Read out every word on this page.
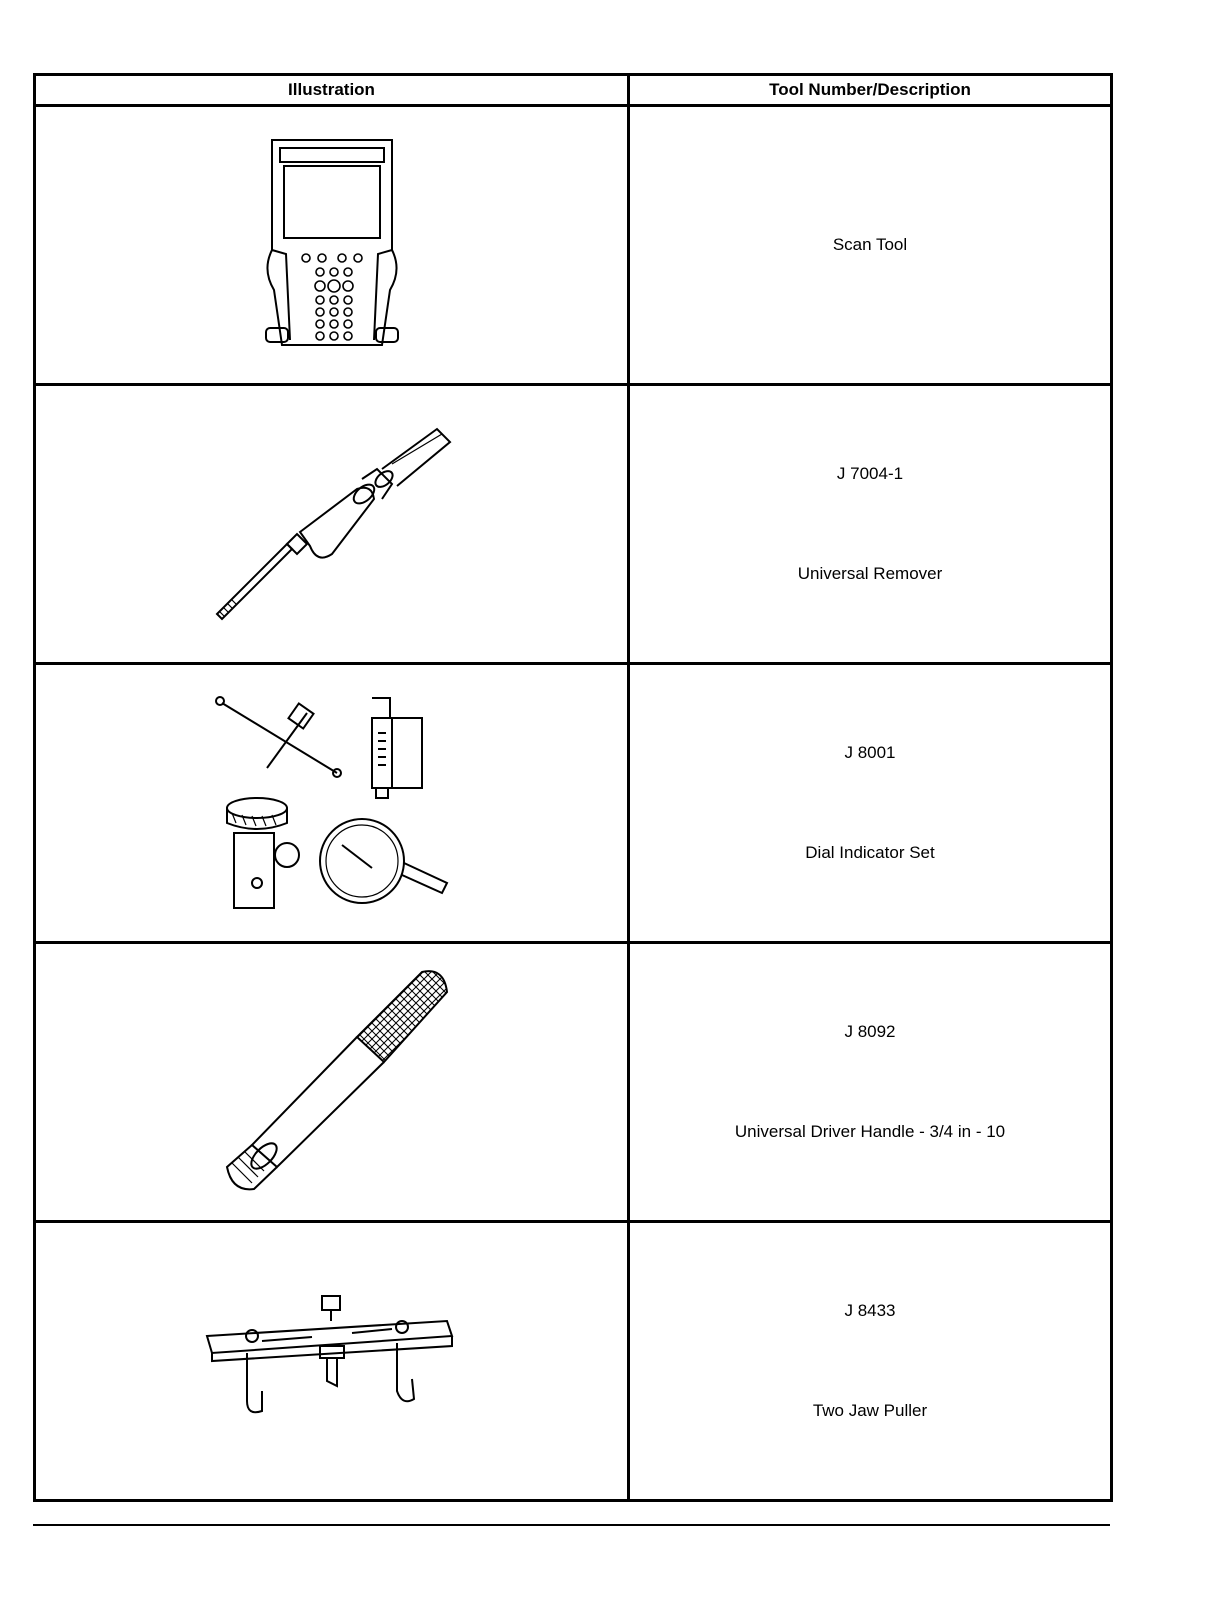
Illustration	Tool Number/Description

Scan Tool

J 7004-1
Universal Remover

J 8001
Dial Indicator Set

J 8092
Universal Driver Handle - 3/4 in - 10

J 8433
Two Jaw Puller
